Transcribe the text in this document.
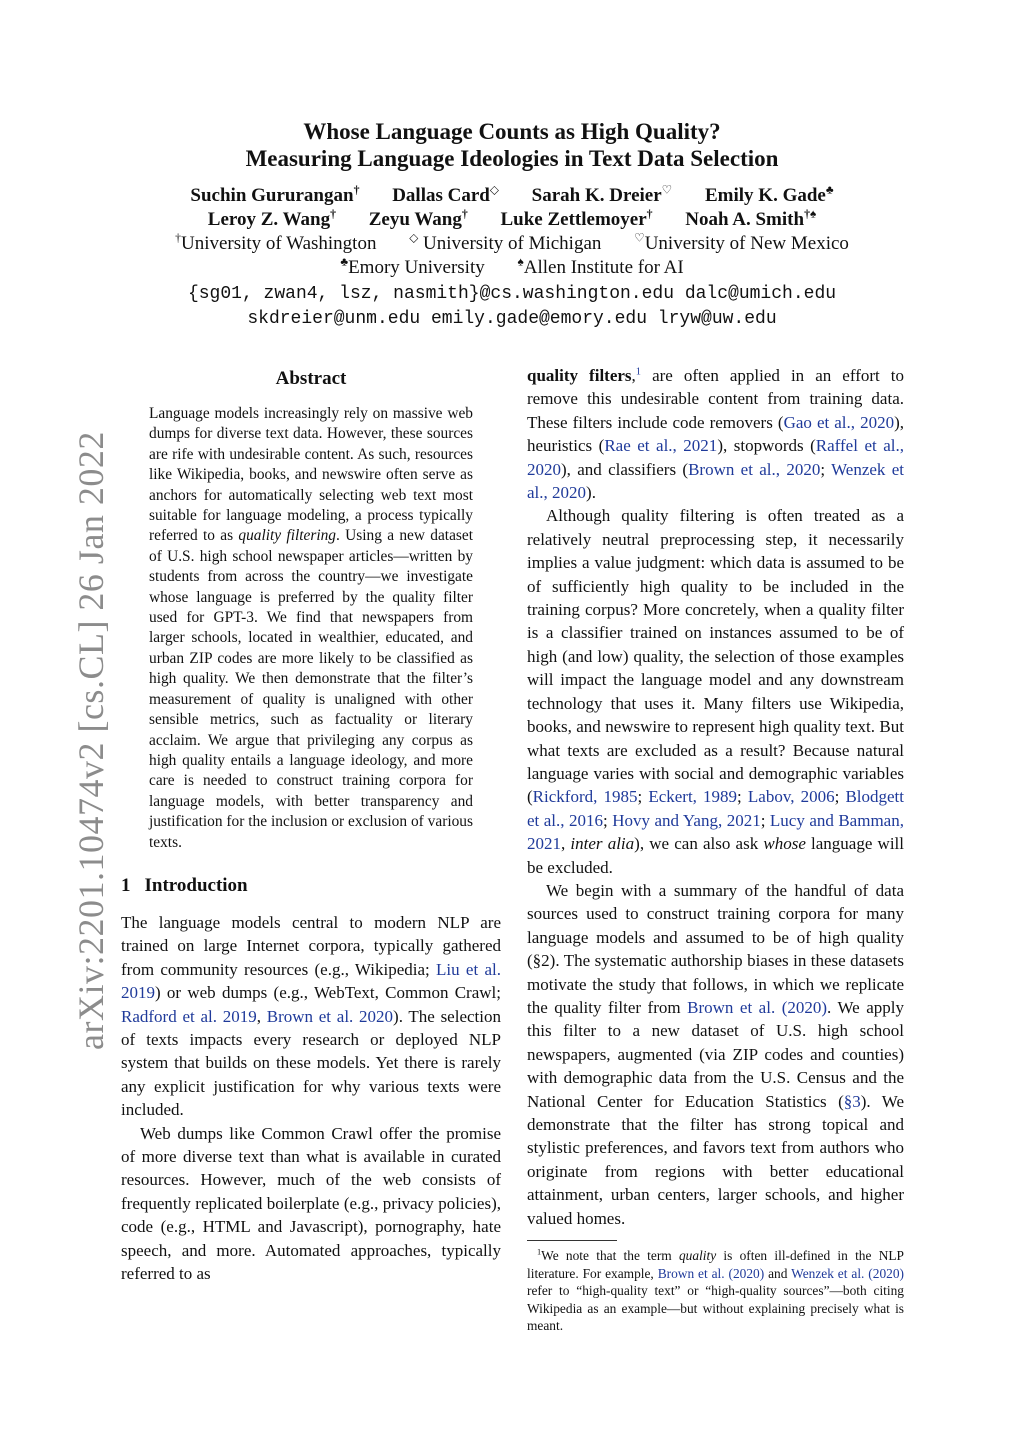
arXiv:2201.10474v2 [cs.CL] 26 Jan 2022
Whose Language Counts as High Quality?
Measuring Language Ideologies in Text Data Selection
Suchin Gururangan† Dallas Card◇ Sarah K. Dreier♡ Emily K. Gade♣
Leroy Z. Wang† Zeyu Wang† Luke Zettlemoyer† Noah A. Smith†♠
†University of Washington	◇ University of Michigan	♡University of New Mexico
♣Emory University	♠Allen Institute for AI
{sg01, zwan4, lsz, nasmith}@cs.washington.edu dalc@umich.edu
skdreier@unm.edu emily.gade@emory.edu lryw@uw.edu
Abstract
Language models increasingly rely on massive web dumps for diverse text data. However, these sources are rife with undesirable content. As such, resources like Wikipedia, books, and newswire often serve as anchors for automatically selecting web text most suitable for language modeling, a process typically referred to as quality filtering. Using a new dataset of U.S. high school newspaper articles—written by students from across the country—we investigate whose language is preferred by the quality filter used for GPT-3. We find that newspapers from larger schools, located in wealthier, educated, and urban ZIP codes are more likely to be classified as high quality. We then demonstrate that the filter’s measurement of quality is unaligned with other sensible metrics, such as factuality or literary acclaim. We argue that privileging any corpus as high quality entails a language ideology, and more care is needed to construct training corpora for language models, with better transparency and justification for the inclusion or exclusion of various texts.
1 Introduction

The language models central to modern NLP are trained on large Internet corpora, typically gathered from community resources (e.g., Wikipedia; Liu et al. 2019) or web dumps (e.g., WebText, Common Crawl; Radford et al. 2019, Brown et al. 2020). The selection of texts impacts every research or deployed NLP system that builds on these models. Yet there is rarely any explicit justification for why various texts were included.

Web dumps like Common Crawl offer the promise of more diverse text than what is available in curated resources. However, much of the web consists of frequently replicated boilerplate (e.g., privacy policies), code (e.g., HTML and Javascript), pornography, hate speech, and more. Automated approaches, typically referred to as

quality filters,$^1$ are often applied in an effort to remove this undesirable content from training data. These filters include code removers (Gao et al., 2020), heuristics (Rae et al., 2021), stopwords (Raffel et al., 2020), and classifiers (Brown et al., 2020; Wenzek et al., 2020).

Although quality filtering is often treated as a relatively neutral preprocessing step, it necessarily implies a value judgment: which data is assumed to be of sufficiently high quality to be included in the training corpus? More concretely, when a quality filter is a classifier trained on instances assumed to be of high (and low) quality, the selection of those examples will impact the language model and any downstream technology that uses it. Many filters use Wikipedia, books, and newswire to represent high quality text. But what texts are excluded as a result? Because natural language varies with social and demographic variables (Rickford, 1985; Eckert, 1989; Labov, 2006; Blodgett et al., 2016; Hovy and Yang, 2021; Lucy and Bamman, 2021, inter alia), we can also ask whose language will be excluded.

We begin with a summary of the handful of data sources used to construct training corpora for many language models and assumed to be of high quality (§2). The systematic authorship biases in these datasets motivate the study that follows, in which we replicate the quality filter from Brown et al. (2020). We apply this filter to a new dataset of U.S. high school newspapers, augmented (via ZIP codes and counties) with demographic data from the U.S. Census and the National Center for Education Statistics (§3). We demonstrate that the filter has strong topical and stylistic preferences, and favors text from authors who originate from regions with better educational attainment, urban centers, larger schools, and higher valued homes.

$^1$We note that the term quality is often ill-defined in the NLP literature. For example, Brown et al. (2020) and Wenzek et al. (2020) refer to “high-quality text” or “high-quality sources”—both citing Wikipedia as an example—but without explaining precisely what is meant.
